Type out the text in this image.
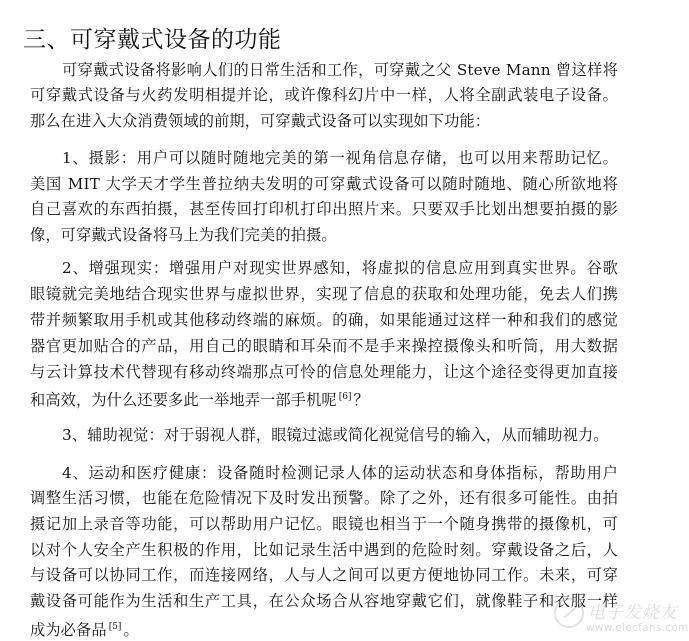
三、可穿戴式设备的功能
可穿戴式设备将影响人们的日常生活和工作，可穿戴之父 Steve Mann 曾这样将
可穿戴式设备与火药发明相提并论，或许像科幻片中一样，人将全副武装电子设备。
那么在进入大众消费领域的前期，可穿戴式设备可以实现如下功能：
1、摄影：用户可以随时随地完美的第一视角信息存储，也可以用来帮助记忆。
美国 MIT 大学天才学生普拉纳夫发明的可穿戴式设备可以随时随地、随心所欲地将
自己喜欢的东西拍摄，甚至传回打印机打印出照片来。只要双手比划出想要拍摄的影
像，可穿戴式设备将马上为我们完美的拍摄。
2、增强现实：增强用户对现实世界感知，将虚拟的信息应用到真实世界。谷歌
眼镜就完美地结合现实世界与虚拟世界，实现了信息的获取和处理功能，免去人们携
带并频繁取用手机或其他移动终端的麻烦。的确，如果能通过这样一种和我们的感觉
器官更加贴合的产品，用自己的眼睛和耳朵而不是手来操控摄像头和听筒，用大数据
与云计算技术代替现有移动终端那点可怜的信息处理能力，让这个途径变得更加直接
和高效，为什么还要多此一举地弄一部手机呢 [6] ？
3、辅助视觉：对于弱视人群，眼镜过滤或简化视觉信号的输入，从而辅助视力。
4、运动和医疗健康：设备随时检测记录人体的运动状态和身体指标，帮助用户
调整生活习惯，也能在危险情况下及时发出预警。除了之外，还有很多可能性。由拍
摄记加上录音等功能，可以帮助用户记忆。眼镜也相当于一个随身携带的摄像机，可
以对个人安全产生积极的作用，比如记录生活中遇到的危险时刻。穿戴设备之后，人
与设备可以协同工作，而连接网络，人与人之间可以更方便地协同工作。未来，可穿
戴设备可能作为生活和生产工具，在公众场合从容地穿戴它们，就像鞋子和衣服一样
成为必备品 [5] 。
电子发烧友
www.elecfans.com
